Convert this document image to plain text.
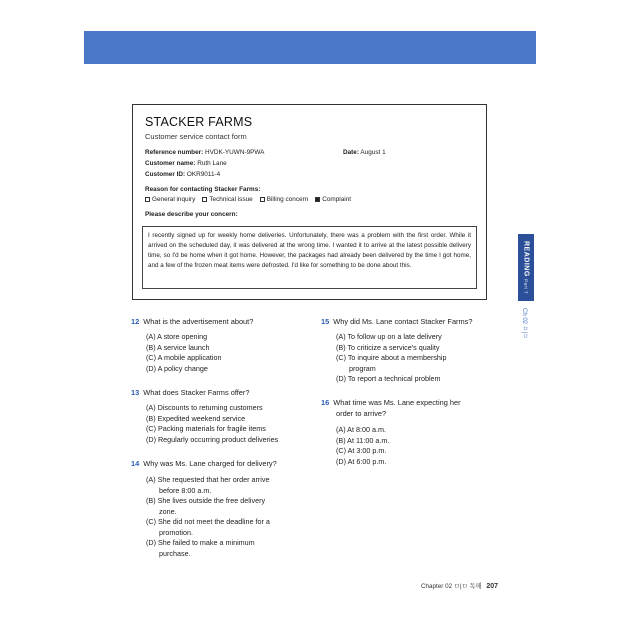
READING
Part 7
Ch 02 ㅁ|ㅁ
STACKER FARMS
Customer service contact form
Reference number: HVDK-YUWN-9PWA	Date: August 1
Customer name: Ruth Lane
Customer ID: OKR9011-4
Reason for contacting Stacker Farms:
General inquiry Technical issue Billing concern Complaint
Please describe your concern:
I recently signed up for weekly home deliveries. Unfortunately, there was a problem with the first order. While it arrived on the scheduled day, it was delivered at the wrong time. I wanted it to arrive at the latest possible delivery time, so I'd be home when it got home. However, the packages had already been delivered by the time I got home, and a few of the frozen meat items were defrosted. I'd like for something to be done about this.
12 What is the advertisement about?
(A) A store opening
(B) A service launch
(C) A mobile application
(D) A policy change
13 What does Stacker Farms offer?
(A) Discounts to returning customers
(B) Expedited weekend service
(C) Packing materials for fragile items
(D) Regularly occurring product deliveries
14 Why was Ms. Lane charged for delivery?
(A) She requested that her order arrive
before 8:00 a.m.
(B) She lives outside the free delivery
zone.
(C) She did not meet the deadline for a
promotion.
(D) She failed to make a minimum
purchase.
15 Why did Ms. Lane contact Stacker Farms?
(A) To follow up on a late delivery
(B) To criticize a service's quality
(C) To inquire about a membership
program
(D) To report a technical problem
16 What time was Ms. Lane expecting her
order to arrive?
(A) At 8:00 a.m.
(B) At 11:00 a.m.
(C) At 3:00 p.m.
(D) At 6:00 p.m.
Chapter 02 ㅁ|ㅁ 독해 207
